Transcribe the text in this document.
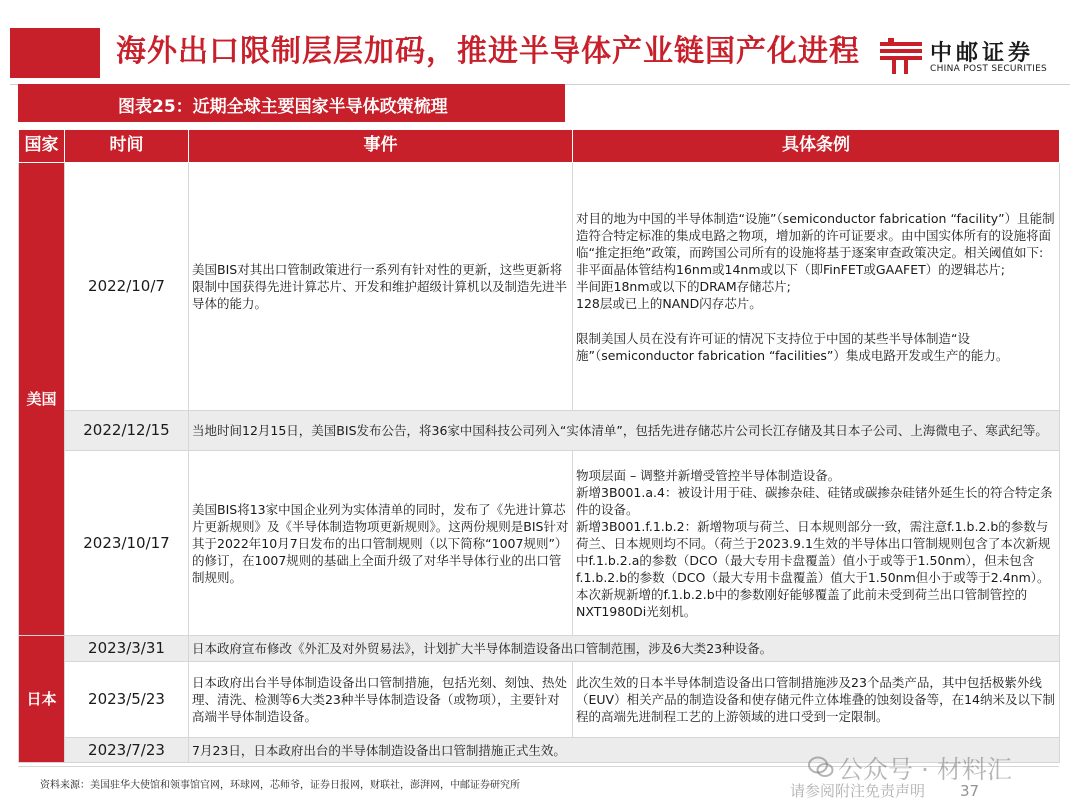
海外出口限制层层加码，推进半导体产业链国产化进程	中邮证券
CHINA POST SECURITIES
图表25：近期全球主要国家半导体政策梳理
国家	时间	事件	具体条例
美国	2022/10/7	美国BIS对其出口管制政策进行一系列有针对性的更新，这些更新将限制中国获得先进计算芯片、开发和维护超级计算机以及制造先进半导体的能力。	对目的地为中国的半导体制造“设施”（semiconductor fabrication “facility”）且能制造符合特定标准的集成电路之物项，增加新的许可证要求。由中国实体所有的设施将面临“推定拒绝”政策，而跨国公司所有的设施将基于逐案审查政策决定。相关阈值如下:
非平面晶体管结构16nm或14nm或以下（即FinFET或GAAFET）的逻辑芯片;
半间距18nm或以下的DRAM存储芯片;
128层或已上的NAND闪存芯片。
限制美国人员在没有许可证的情况下支持位于中国的某些半导体制造“设施”（semiconductor fabrication “facilities”）集成电路开发或生产的能力。

	2022/12/15	当地时间12月15日，美国BIS发布公告，将36家中国科技公司列入“实体清单”，包括先进存储芯片公司长江存储及其日本子公司、上海微电子、寒武纪等。	
	2023/10/17	美国BIS将13家中国企业列为实体清单的同时，发布了《先进计算芯片更新规则》及《半导体制造物项更新规则》。这两份规则是BIS针对其于2022年10月7日发布的出口管制规则（以下简称“1007规则”）的修订，在1007规则的基础上全面升级了对华半导体行业的出口管制规则。	物项层面 – 调整并新增受管控半导体制造设备。
新增3B001.a.4：被设计用于硅、碳掺杂硅、硅锗或碳掺杂硅锗外延生长的符合特定条件的设备。
新增3B001.f.1.b.2：新增物项与荷兰、日本规则部分一致，需注意f.1.b.2.b的参数与荷兰、日本规则均不同。（荷兰于2023.9.1生效的半导体出口管制规则包含了本次新规中f.1.b.2.a的参数（DCO（最大专用卡盘覆盖）值小于或等于1.50nm），但未包含f.1.b.2.b的参数（DCO（最大专用卡盘覆盖）值大于1.50nm但小于或等于2.4nm）。本次新规新增的f.1.b.2.b中的参数刚好能够覆盖了此前未受到荷兰出口管制管控的NXT1980Di光刻机。

日本	2023/3/31	日本政府宣布修改《外汇及对外贸易法》，计划扩大半导体制造设备出口管制范围，涉及6大类23种设备。	
	2023/5/23	日本政府出台半导体制造设备出口管制措施，包括光刻、刻蚀、热处理、清洗、检测等6大类23种半导体制造设备（或物项），主要针对高端半导体制造设备。	此次生效的日本半导体制造设备出口管制措施涉及23个品类产品，其中包括极紫外线（EUV）相关产品的制造设备和使存储元件立体堆叠的蚀刻设备等，在14纳米及以下制程的高端先进制程工艺的上游领域的进口受到一定限制。
	2023/7/23	7月23日，日本政府出台的半导体制造设备出口管制措施正式生效。	
资料来源：美国驻华大使馆和领事馆官网，环球网，芯师爷，证券日报网，财联社，澎湃网，中邮证券研究所
公众号 · 材料汇
请参阅附注免责声明 37
